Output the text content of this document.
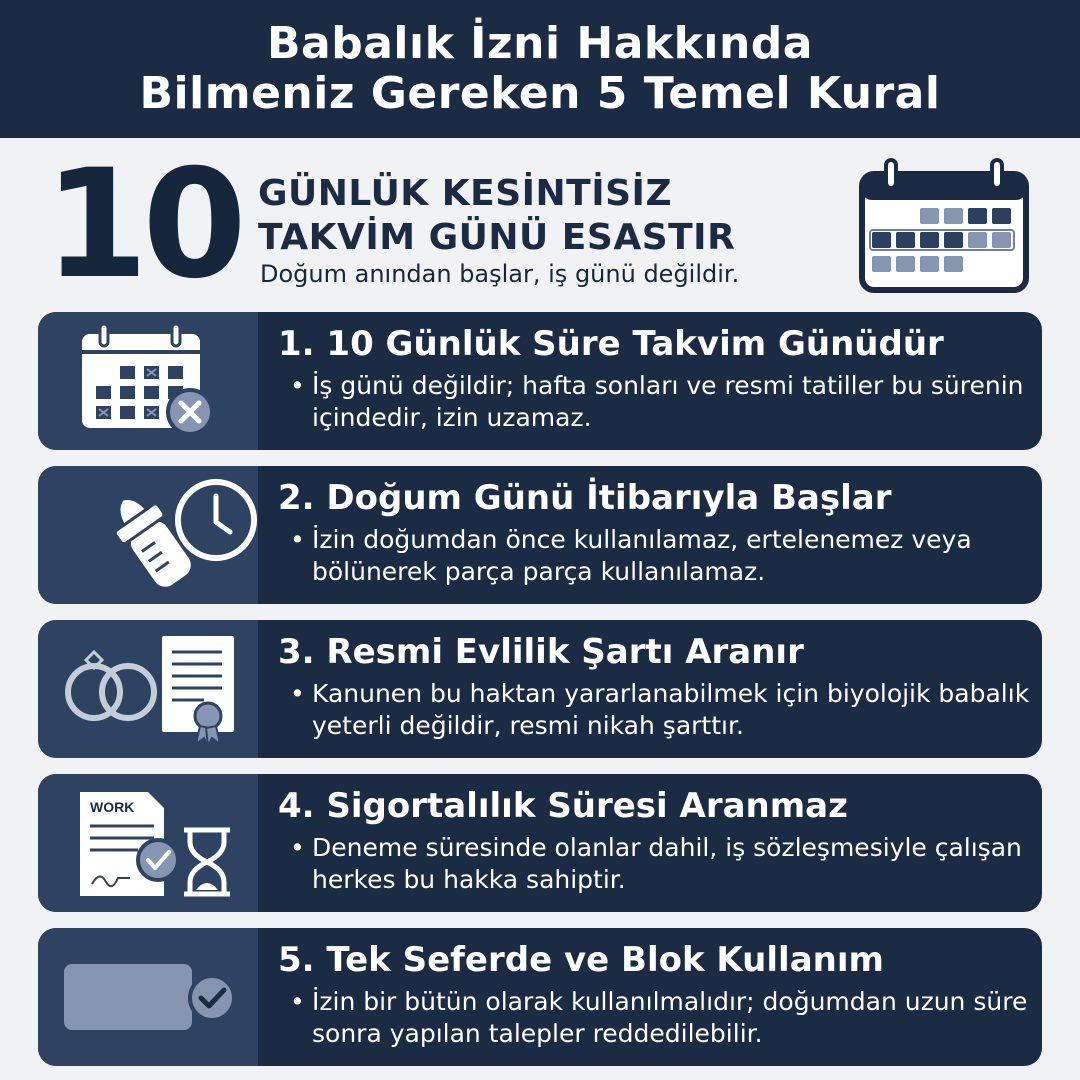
Babalık İzni Hakkında
Bilmeniz Gereken 5 Temel Kural
10 GÜNLÜK KESİNTİSİZ
TAKVİM GÜNÜ ESASTIR
Doğum anından başlar, iş günü değildir.
1. 10 Günlük Süre Takvim Günüdür
• İş günü değildir; hafta sonları ve resmi tatiller bu sürenin içindedir, izin uzamaz.
2. Doğum Günü İtibarıyla Başlar
• İzin doğumdan önce kullanılamaz, ertelenemez veya bölünerek parça parça kullanılamaz.
3. Resmi Evlilik Şartı Aranır
• Kanunen bu haktan yararlanabilmek için biyolojik babalık yeterli değildir, resmi nikah şarttır.
WORK	4. Sigortalılık Süresi Aranmaz
• Deneme süresinde olanlar dahil, iş sözleşmesiyle çalışan herkes bu hakka sahiptir.
5. Tek Seferde ve Blok Kullanım
• İzin bir bütün olarak kullanılmalıdır; doğumdan uzun süre sonra yapılan talepler reddedilebilir.
